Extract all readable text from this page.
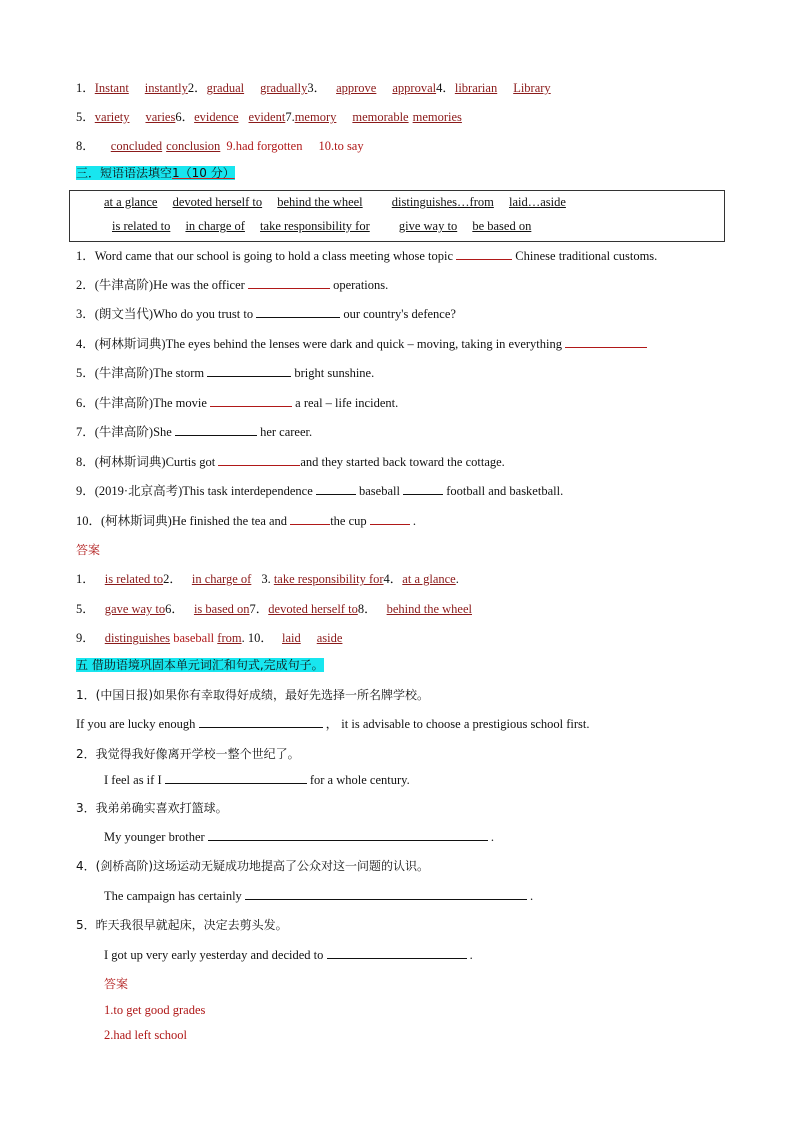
1．Instant instantly2．gradual gradually3． approve approval4．librarian Library
5．variety varies6．evidence evident7.memory memorable memories
8． concluded conclusion 9.had forgotten 10.to say
三．短语语法填空1（10 分）
at a glance devoted herself to behind the wheel distinguishes…from laid…aside
is related to in charge of take responsibility for give way to be based on
1．Word came that our school is going to hold a class meeting whose topic	Chinese traditional customs.
2．(牛津高阶)He was the officer	operations.
3．(朗文当代)Who do you trust to	our country's defence?
4．(柯林斯词典)The eyes behind the lenses were dark and quick – moving, taking in everything
5．(牛津高阶)The storm	bright sunshine.
6．(牛津高阶)The movie	a real – life incident.
7．(牛津高阶)She	her career.
8．(柯林斯词典)Curtis got	and they started back toward the cottage.
9．(2019·北京高考)This task interdependence	baseball	football and basketball.
10．(柯林斯词典)He finished the tea and	the cup	.
答案
1． is related to2． in charge of 3. take responsibility for4．at a glance.
5． gave way to6． is based on7．devoted herself to8． behind the wheel
9． distinguishes baseball from. 10． laid aside
五 借助语境巩固本单元词汇和句式,完成句子。
1．(中国日报)如果你有幸取得好成绩，最好先选择一所名牌学校。
If you are lucky enough	， it is advisable to choose a prestigious school first.
2．我觉得我好像离开学校一整个世纪了。
I feel as if I	for a whole century.
3．我弟弟确实喜欢打篮球。
My younger brother	.
4．(剑桥高阶)这场运动无疑成功地提高了公众对这一问题的认识。
The campaign has certainly	.
5．昨天我很早就起床，决定去剪头发。
I got up very early yesterday and decided to	.
答案
1.to get good grades
2.had left school
